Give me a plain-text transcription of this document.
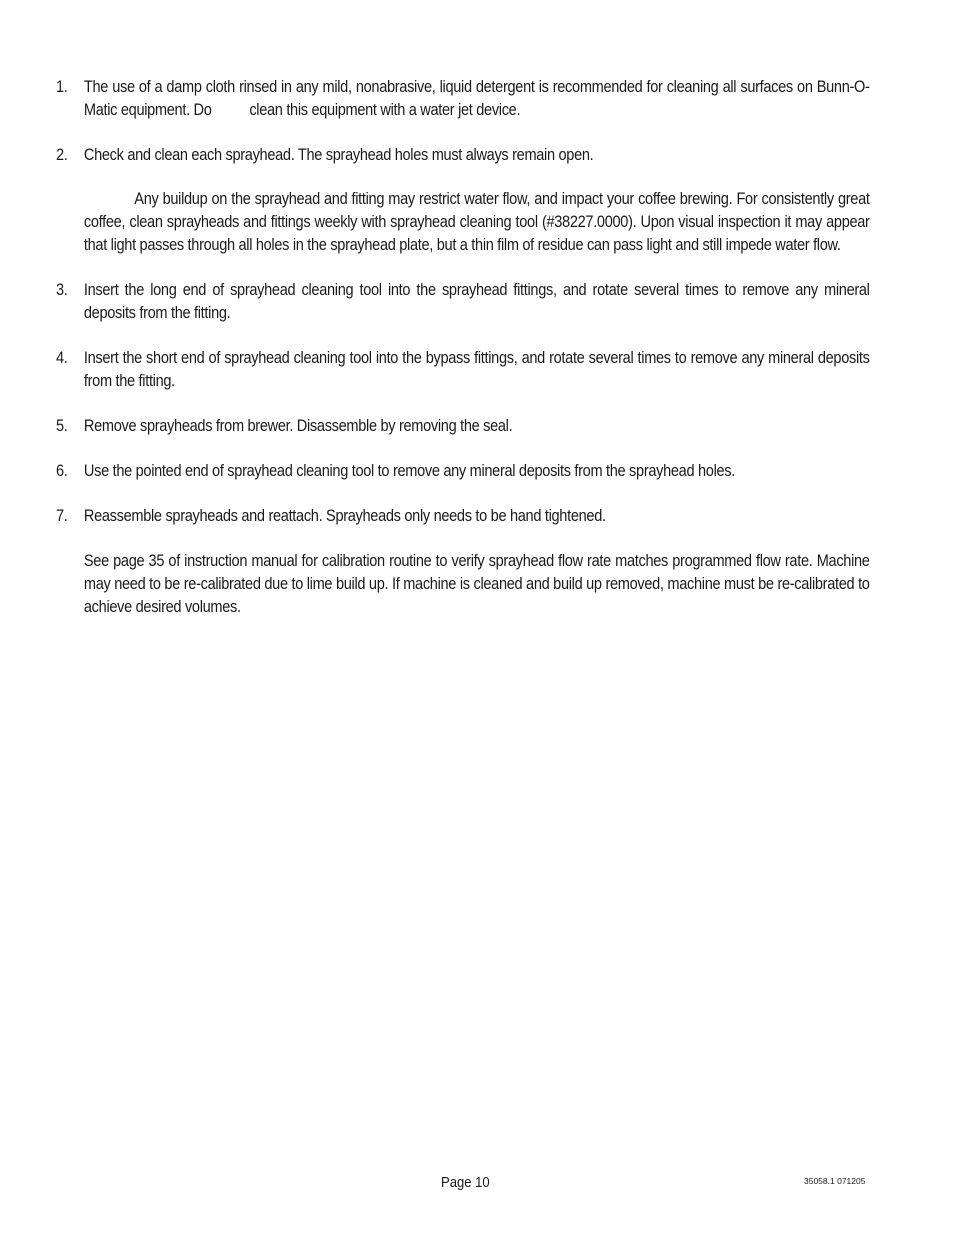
1.	The use of a damp cloth rinsed in any mild, nonabrasive, liquid detergent is recommended for cleaning all surfaces on Bunn-O-Matic equipment. Do clean this equipment with a water jet device.
2.	Check and clean each sprayhead. The sprayhead holes must always remain open.
Any buildup on the sprayhead and fitting may restrict water flow, and impact your coffee brewing. For consistently great coffee, clean sprayheads and fittings weekly with sprayhead cleaning tool (#38227.0000). Upon visual inspection it may appear that light passes through all holes in the sprayhead plate, but a thin film of residue can pass light and still impede water flow.
3.	Insert the long end of sprayhead cleaning tool into the sprayhead fittings, and rotate several times to remove any mineral deposits from the fitting.
4.	Insert the short end of sprayhead cleaning tool into the bypass fittings, and rotate several times to remove any mineral deposits from the fitting.
5.	Remove sprayheads from brewer. Disassemble by removing the seal.
6.	Use the pointed end of sprayhead cleaning tool to remove any mineral deposits from the sprayhead holes.
7.	Reassemble sprayheads and reattach. Sprayheads only needs to be hand tightened.
See page 35 of instruction manual for calibration routine to verify sprayhead flow rate matches programmed flow rate. Machine may need to be re-calibrated due to lime build up. If machine is cleaned and build up removed, machine must be re-calibrated to achieve desired volumes.
Page 10	35058.1 071205
